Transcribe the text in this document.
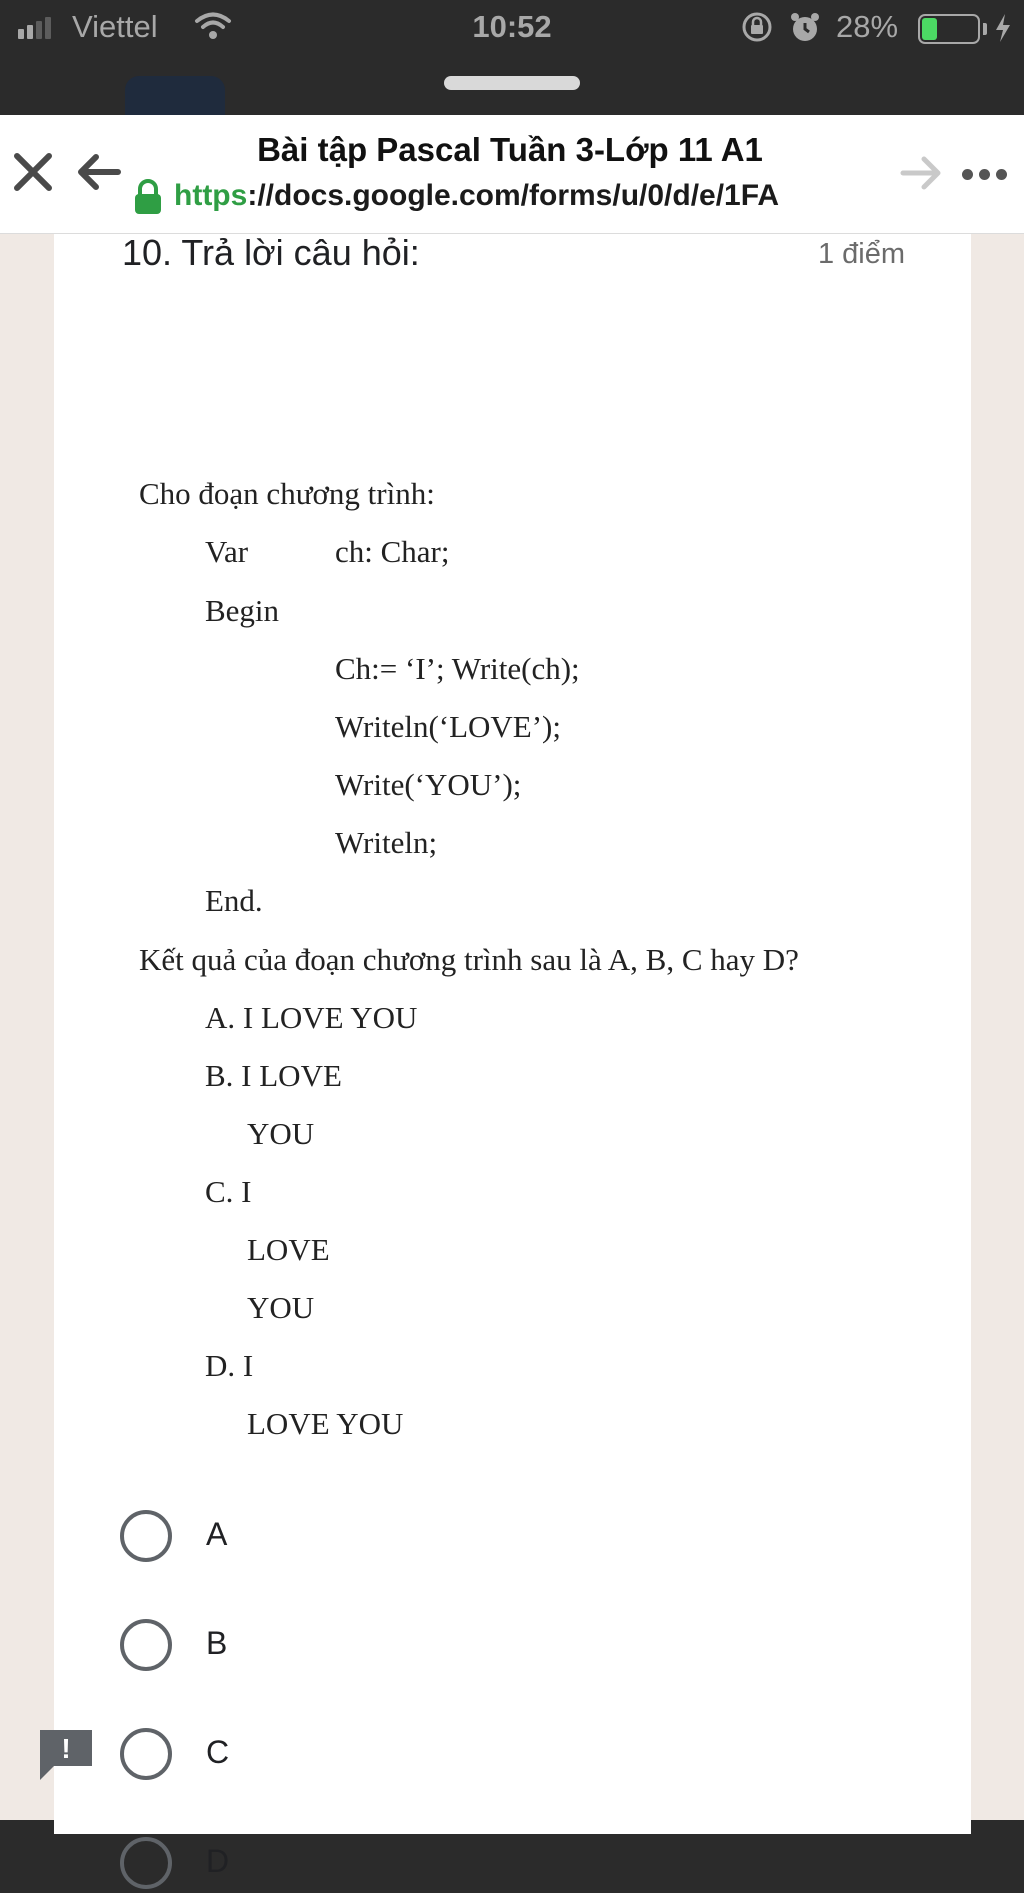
Viettel	10:52	28%
Bài tập Pascal Tuần 3-Lớp 11 A1
https://docs.google.com/forms/u/0/d/e/1FA
10. Trả lời câu hỏi:	1 điểm
Cho đoạn chương trình:
Var	ch: Char;
Begin
Ch:= ‘I’; Write(ch);
Writeln(‘LOVE’);
Write(‘YOU’);
Writeln;
End.
Kết quả của đoạn chương trình sau là A, B, C hay D?
A. I LOVE YOU
B. I LOVE
YOU
C. I
LOVE
YOU
D. I
LOVE YOU
A
B
C
D
!
